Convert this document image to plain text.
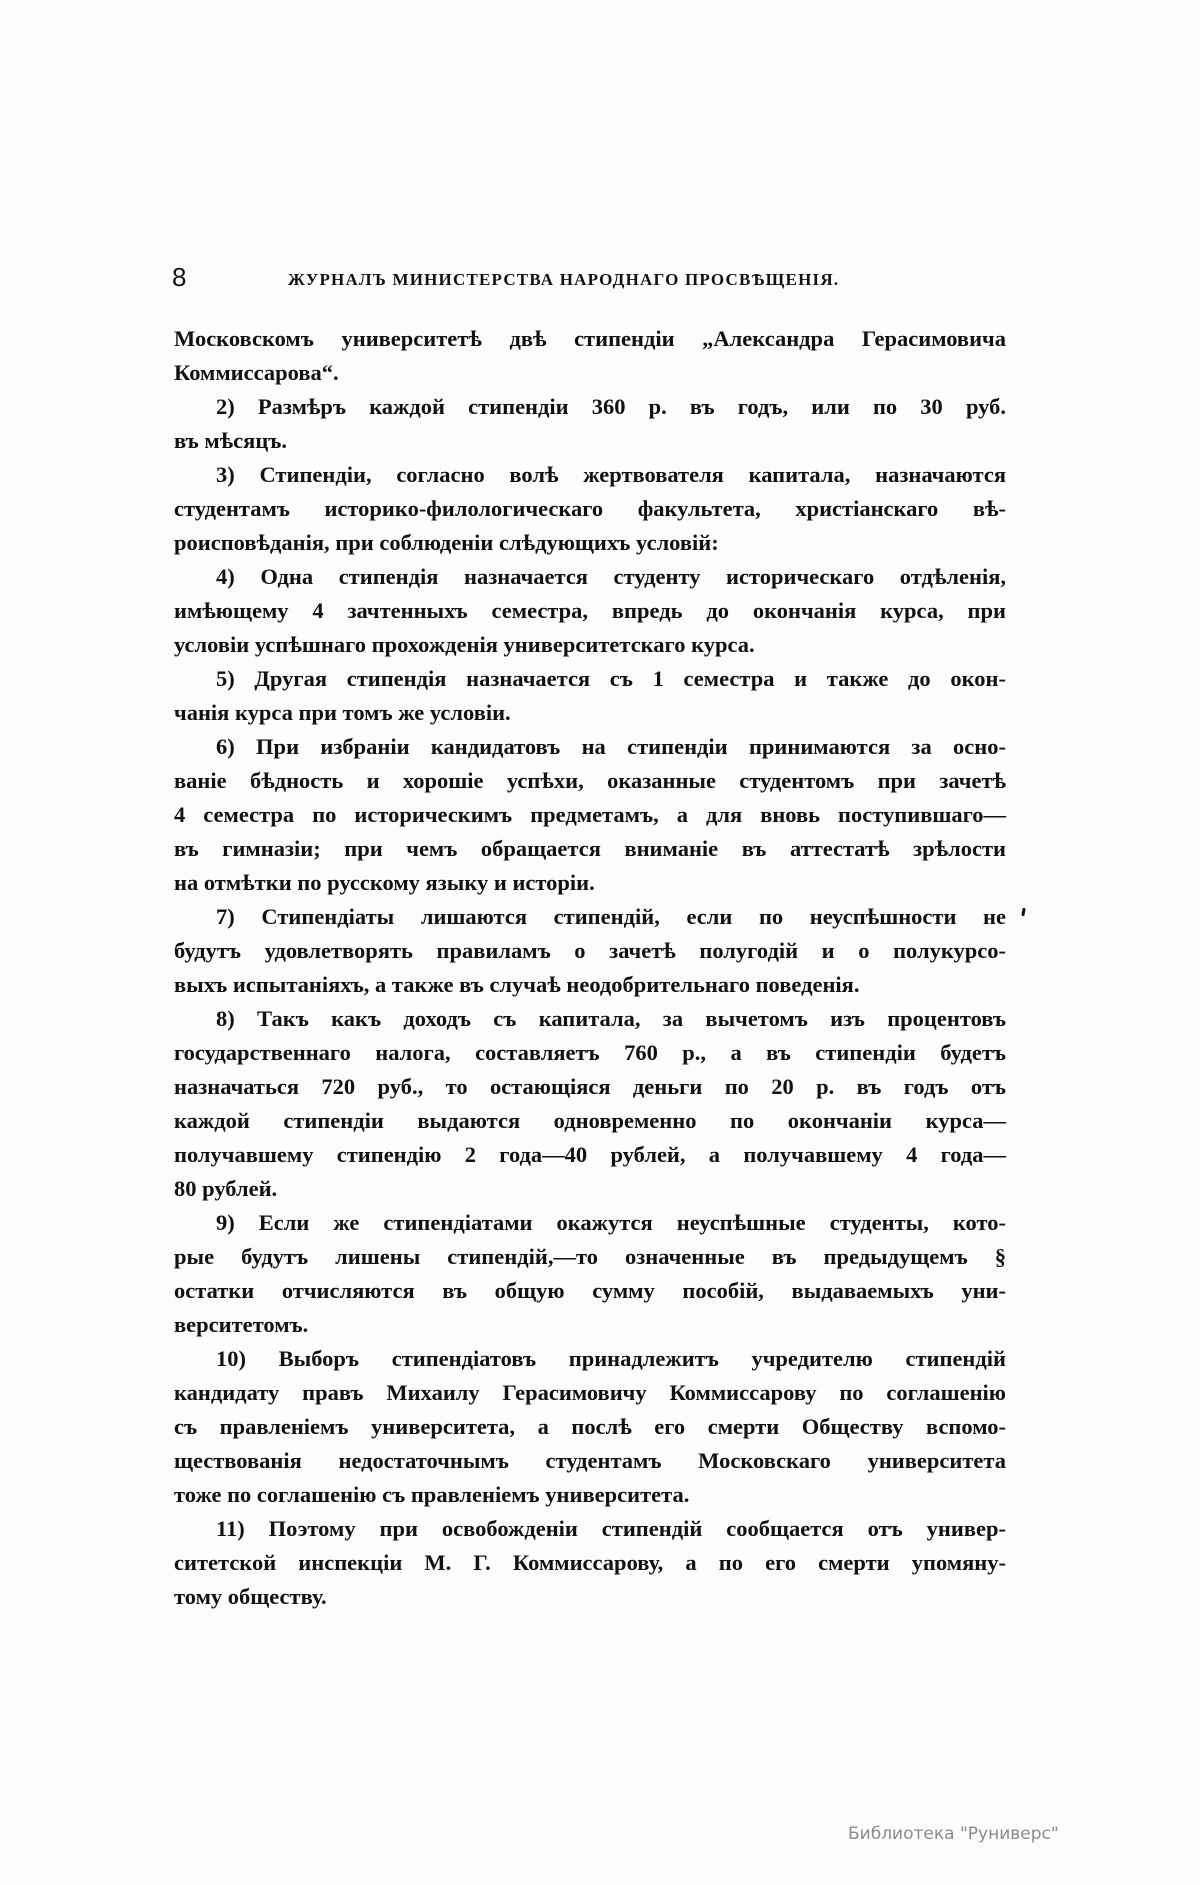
8	ЖУРНАЛЪ МИНИСТЕРСТВА НАРОДНАГО ПРОСВѢЩЕНІЯ.

Московскомъ университетѣ двѣ стипендіи „Александра Герасимовича
Коммиссарова“.

2) Размѣръ каждой стипендіи 360 р. въ годъ, или по 30 руб.
въ мѣсяцъ.

3) Стипендіи, согласно волѣ жертвователя капитала, назначаются
студентамъ историко-филологическаго факультета, христіанскаго вѣ-
роисповѣданія, при соблюденіи слѣдующихъ условій:

4) Одна стипендія назначается студенту историческаго отдѣленія,
имѣющему 4 зачтенныхъ семестра, впредь до окончанія курса, при
условіи успѣшнаго прохожденія университетскаго курса.

5) Другая стипендія назначается съ 1 семестра и также до окон-
чанія курса при томъ же условіи.

6) При избраніи кандидатовъ на стипендіи принимаются за осно-
ваніе бѣдность и хорошіе успѣхи, оказанные студентомъ при зачетѣ
4 семестра по историческимъ предметамъ, а для вновь поступившаго—
въ гимназіи; при чемъ обращается вниманіе въ аттестатѣ зрѣлости
на отмѣтки по русскому языку и исторіи.

7) Стипендіаты лишаются стипендій, если по неуспѣшности не
будутъ удовлетворять правиламъ о зачетѣ полугодій и о полукурсо-
выхъ испытаніяхъ, а также въ случаѣ неодобрительнаго поведенія.

8) Такъ какъ доходъ съ капитала, за вычетомъ изъ процентовъ
государственнаго налога, составляетъ 760 р., а въ стипендіи будетъ
назначаться 720 руб., то остающіяся деньги по 20 р. въ годъ отъ
каждой стипендіи выдаются одновременно по окончаніи курса—
получавшему стипендію 2 года—40 рублей, а получавшему 4 года—
80 рублей.

9) Если же стипендіатами окажутся неуспѣшные студенты, кото-
рые будутъ лишены стипендій,—то означенные въ предыдущемъ §
остатки отчисляются въ общую сумму пособій, выдаваемыхъ уни-
верситетомъ.

10) Выборъ стипендіатовъ принадлежитъ учредителю стипендій
кандидату правъ Михаилу Герасимовичу Коммиссарову по соглашенію
съ правленіемъ университета, а послѣ его смерти Обществу вспомо-
ществованія недостаточнымъ студентамъ Московскаго университета
тоже по соглашенію съ правленіемъ университета.

11) Поэтому при освобожденіи стипендій сообщается отъ универ-
ситетской инспекціи М. Г. Коммиссарову, а по его смерти упомяну-
тому обществу.

Библиотека "Руниверс"
